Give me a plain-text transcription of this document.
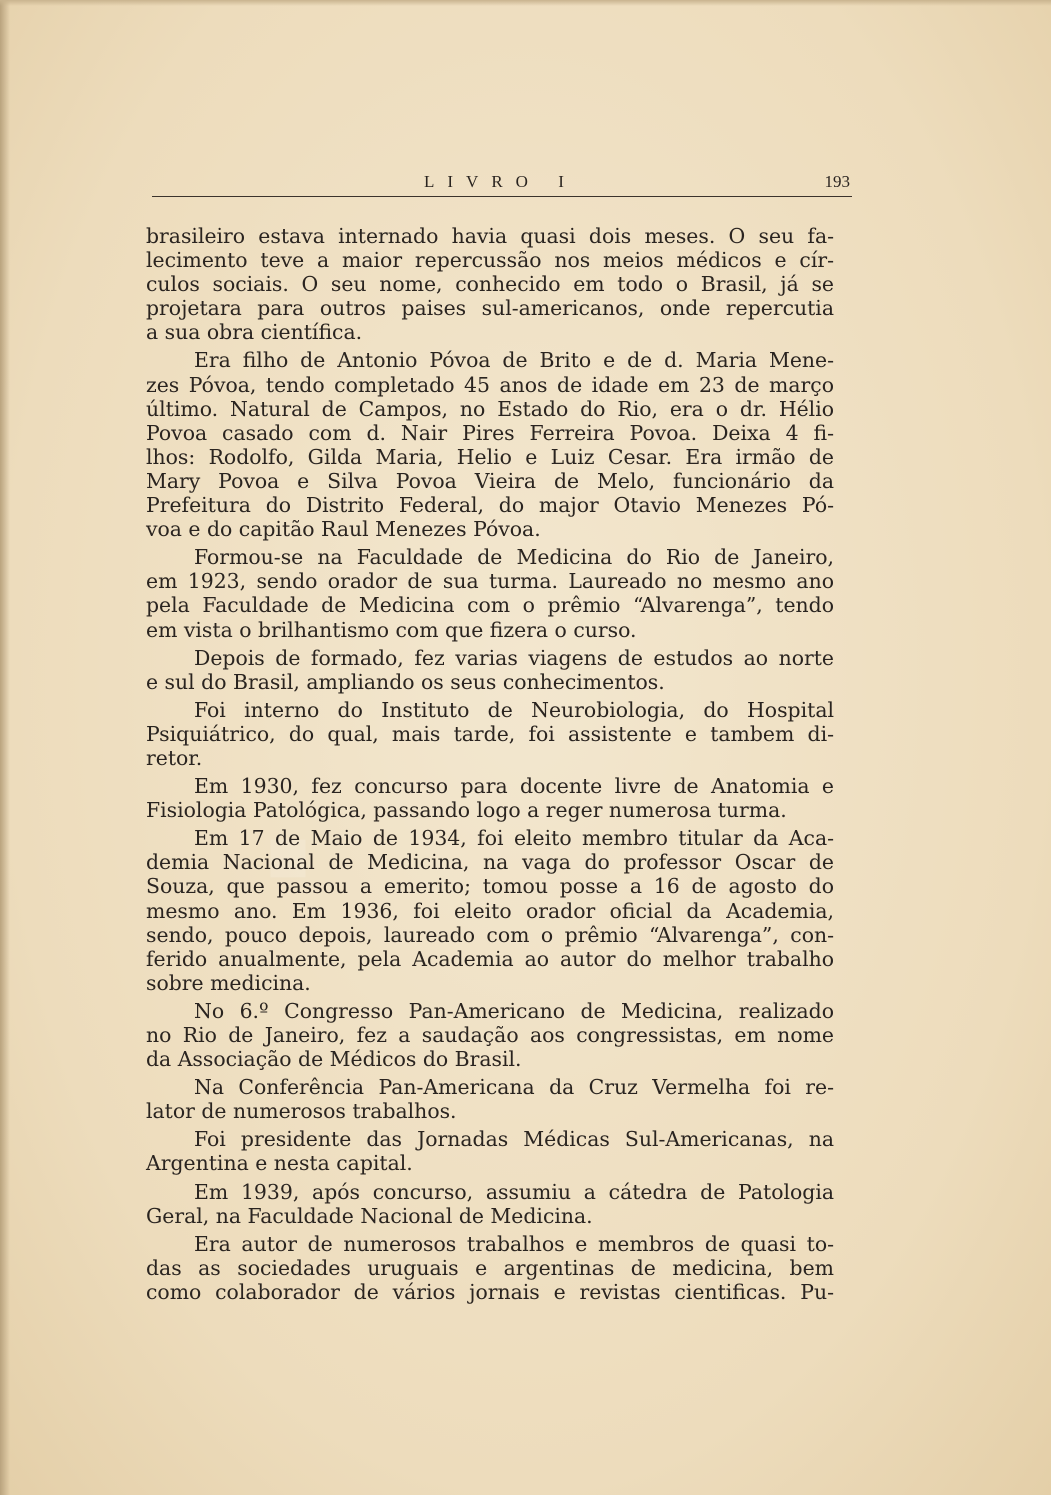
·
LIVRO I	193
brasileiro estava internado havia quasi dois meses. O seu fa-
lecimento teve a maior repercussão nos meios médicos e cír-
culos sociais. O seu nome, conhecido em todo o Brasil, já se
projetara para outros paises sul-americanos, onde repercutia
a sua obra científica.
Era filho de Antonio Póvoa de Brito e de d. Maria Mene-
zes Póvoa, tendo completado 45 anos de idade em 23 de março
último. Natural de Campos, no Estado do Rio, era o dr. Hélio
Povoa casado com d. Nair Pires Ferreira Povoa. Deixa 4 fi-
lhos: Rodolfo, Gilda Maria, Helio e Luiz Cesar. Era irmão de
Mary Povoa e Silva Povoa Vieira de Melo, funcionário da
Prefeitura do Distrito Federal, do major Otavio Menezes Pó-
voa e do capitão Raul Menezes Póvoa.
Formou-se na Faculdade de Medicina do Rio de Janeiro,
em 1923, sendo orador de sua turma. Laureado no mesmo ano
pela Faculdade de Medicina com o prêmio “Alvarenga”, tendo
em vista o brilhantismo com que fizera o curso.
Depois de formado, fez varias viagens de estudos ao norte
e sul do Brasil, ampliando os seus conhecimentos.
Foi interno do Instituto de Neurobiologia, do Hospital
Psiquiátrico, do qual, mais tarde, foi assistente e tambem di-
retor.
Em 1930, fez concurso para docente livre de Anatomia e
Fisiologia Patológica, passando logo a reger numerosa turma.
Em 17 de Maio de 1934, foi eleito membro titular da Aca-
demia Nacional de Medicina, na vaga do professor Oscar de
Souza, que passou a emerito; tomou posse a 16 de agosto do
mesmo ano. Em 1936, foi eleito orador oficial da Academia,
sendo, pouco depois, laureado com o prêmio “Alvarenga”, con-
ferido anualmente, pela Academia ao autor do melhor trabalho
sobre medicina.
No 6.º Congresso Pan-Americano de Medicina, realizado
no Rio de Janeiro, fez a saudação aos congressistas, em nome
da Associação de Médicos do Brasil.
Na Conferência Pan-Americana da Cruz Vermelha foi re-
lator de numerosos trabalhos.
Foi presidente das Jornadas Médicas Sul-Americanas, na
Argentina e nesta capital.
Em 1939, após concurso, assumiu a cátedra de Patologia
Geral, na Faculdade Nacional de Medicina.
Era autor de numerosos trabalhos e membros de quasi to-
das as sociedades uruguais e argentinas de medicina, bem
como colaborador de vários jornais e revistas cientificas. Pu-
